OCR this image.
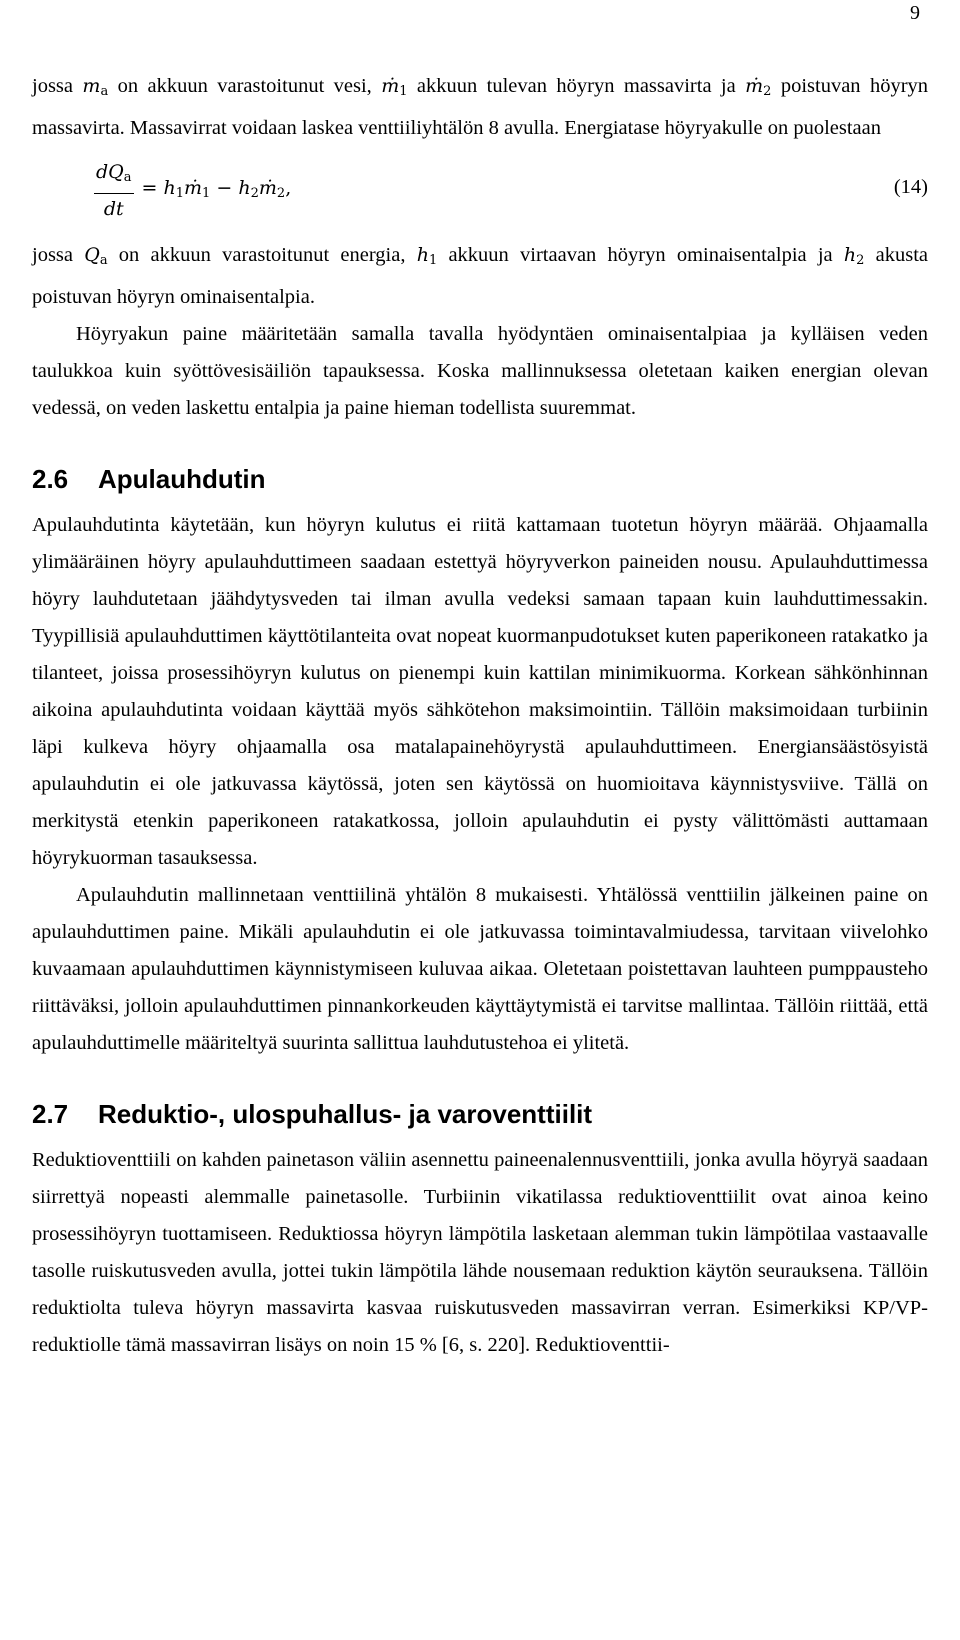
9

jossa $m_a$ on akkuun varastoitunut vesi, ṁ$_1$ akkuun tulevan höyryn massavirta ja ṁ$_2$ poistuvan höyryn massavirta. Massavirrat voidaan laskea venttiiliyhtälön 8 avulla. Energiatase höyryakulle on puolestaan

$\frac{dQ_a}{dt}$ = $h_1ṁ_1$ − $h_2ṁ_2$,	(14)

jossa $Q_a$ on akkuun varastoitunut energia, $h_1$ akkuun virtaavan höyryn ominaisentalpia ja $h_2$ akusta poistuvan höyryn ominaisentalpia.

Höyryakun paine määritetään samalla tavalla hyödyntäen ominaisentalpiaa ja kylläisen veden taulukkoa kuin syöttövesisäiliön tapauksessa. Koska mallinnuksessa oletetaan kaiken energian olevan vedessä, on veden laskettu entalpia ja paine hieman todellista suuremmat.

2.6 Apulauhdutin

Apulauhdutinta käytetään, kun höyryn kulutus ei riitä kattamaan tuotetun höyryn määrää. Ohjaamalla ylimääräinen höyry apulauhduttimeen saadaan estettyä höyryverkon paineiden nousu. Apulauhduttimessa höyry lauhdutetaan jäähdytysveden tai ilman avulla vedeksi samaan tapaan kuin lauhduttimessakin. Tyypillisiä apulauhduttimen käyttötilanteita ovat nopeat kuormanpudotukset kuten paperikoneen ratakatko ja tilanteet, joissa prosessihöyryn kulutus on pienempi kuin kattilan minimikuorma. Korkean sähkönhinnan aikoina apulauhdutinta voidaan käyttää myös sähkötehon maksimointiin. Tällöin maksimoidaan turbiinin läpi kulkeva höyry ohjaamalla osa matalapainehöyrystä apulauhduttimeen. Energiansäästösyistä apulauhdutin ei ole jatkuvassa käytössä, joten sen käytössä on huomioitava käynnistysviive. Tällä on merkitystä etenkin paperikoneen ratakatkossa, jolloin apulauhdutin ei pysty välittömästi auttamaan höyrykuorman tasauksessa.

Apulauhdutin mallinnetaan venttiilinä yhtälön 8 mukaisesti. Yhtälössä venttiilin jälkeinen paine on apulauhduttimen paine. Mikäli apulauhdutin ei ole jatkuvassa toimintavalmiudessa, tarvitaan viivelohko kuvaamaan apulauhduttimen käynnistymiseen kuluvaa aikaa. Oletetaan poistettavan lauhteen pumppausteho riittäväksi, jolloin apulauhduttimen pinnankorkeuden käyttäytymistä ei tarvitse mallintaa. Tällöin riittää, että apulauhduttimelle määriteltyä suurinta sallittua lauhdutustehoa ei ylitetä.

2.7 Reduktio-, ulospuhallus- ja varoventtiilit

Reduktioventtiili on kahden painetason väliin asennettu paineenalennusventtiili, jonka avulla höyryä saadaan siirrettyä nopeasti alemmalle painetasolle. Turbiinin vikatilassa reduktioventtiilit ovat ainoa keino prosessihöyryn tuottamiseen. Reduktiossa höyryn lämpötila lasketaan alemman tukin lämpötilaa vastaavalle tasolle ruiskutusveden avulla, jottei tukin lämpötila lähde nousemaan reduktion käytön seurauksena. Tällöin reduktiolta tuleva höyryn massavirta kasvaa ruiskutusveden massavirran verran. Esimerkiksi KP/VP-reduktiolle tämä massavirran lisäys on noin 15 % [6, s. 220]. Reduktioventtii-
